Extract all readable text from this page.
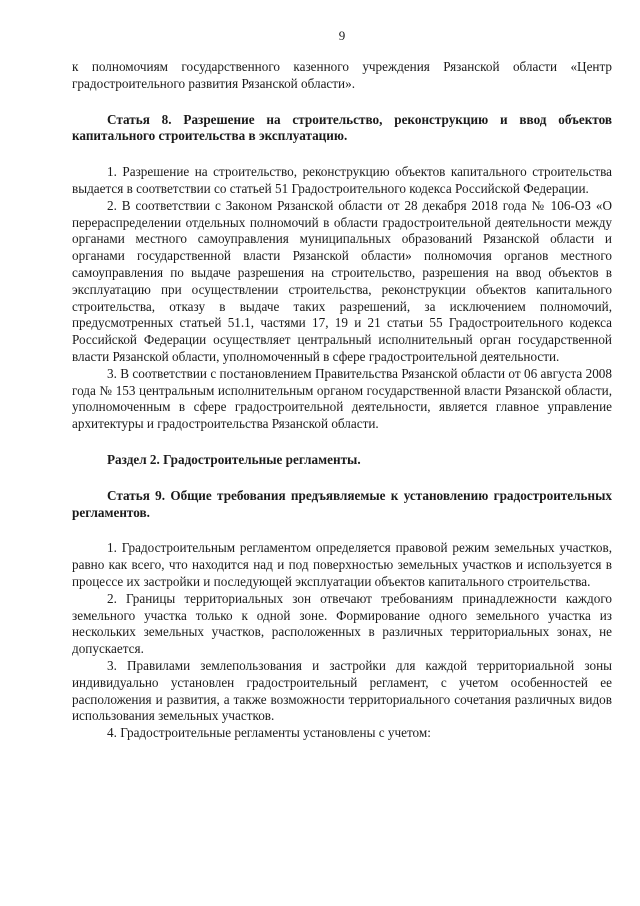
9

к полномочиям государственного казенного учреждения Рязанской области «Центр градостроительного развития Рязанской области».

Статья 8. Разрешение на строительство, реконструкцию и ввод объектов капитального строительства в эксплуатацию.

1. Разрешение на строительство, реконструкцию объектов капитального строительства выдается в соответствии со статьей 51 Градостроительного кодекса Российской Федерации.

2. В соответствии с Законом Рязанской области от 28 декабря 2018 года № 106-ОЗ «О перераспределении отдельных полномочий в области градостроительной деятельности между органами местного самоуправления муниципальных образований Рязанской области и органами государственной власти Рязанской области» полномочия органов местного самоуправления по выдаче разрешения на строительство, разрешения на ввод объектов в эксплуатацию при осуществлении строительства, реконструкции объектов капитального строительства, отказу в выдаче таких разрешений, за исключением полномочий, предусмотренных статьей 51.1, частями 17, 19 и 21 статьи 55 Градостроительного кодекса Российской Федерации осуществляет центральный исполнительный орган государственной власти Рязанской области, уполномоченный в сфере градостроительной деятельности.

3. В соответствии с постановлением Правительства Рязанской области от 06 августа 2008 года № 153 центральным исполнительным органом государственной власти Рязанской области, уполномоченным в сфере градостроительной деятельности, является главное управление архитектуры и градостроительства Рязанской области.

Раздел 2. Градостроительные регламенты.
Статья 9. Общие требования предъявляемые к установлению градостроительных регламентов.

1. Градостроительным регламентом определяется правовой режим земельных участков, равно как всего, что находится над и под поверхностью земельных участков и используется в процессе их застройки и последующей эксплуатации объектов капитального строительства.

2. Границы территориальных зон отвечают требованиям принадлежности каждого земельного участка только к одной зоне. Формирование одного земельного участка из нескольких земельных участков, расположенных в различных территориальных зонах, не допускается.

3. Правилами землепользования и застройки для каждой территориальной зоны индивидуально установлен градостроительный регламент, с учетом особенностей ее расположения и развития, а также возможности территориального сочетания различных видов использования земельных участков.

4. Градостроительные регламенты установлены с учетом:
